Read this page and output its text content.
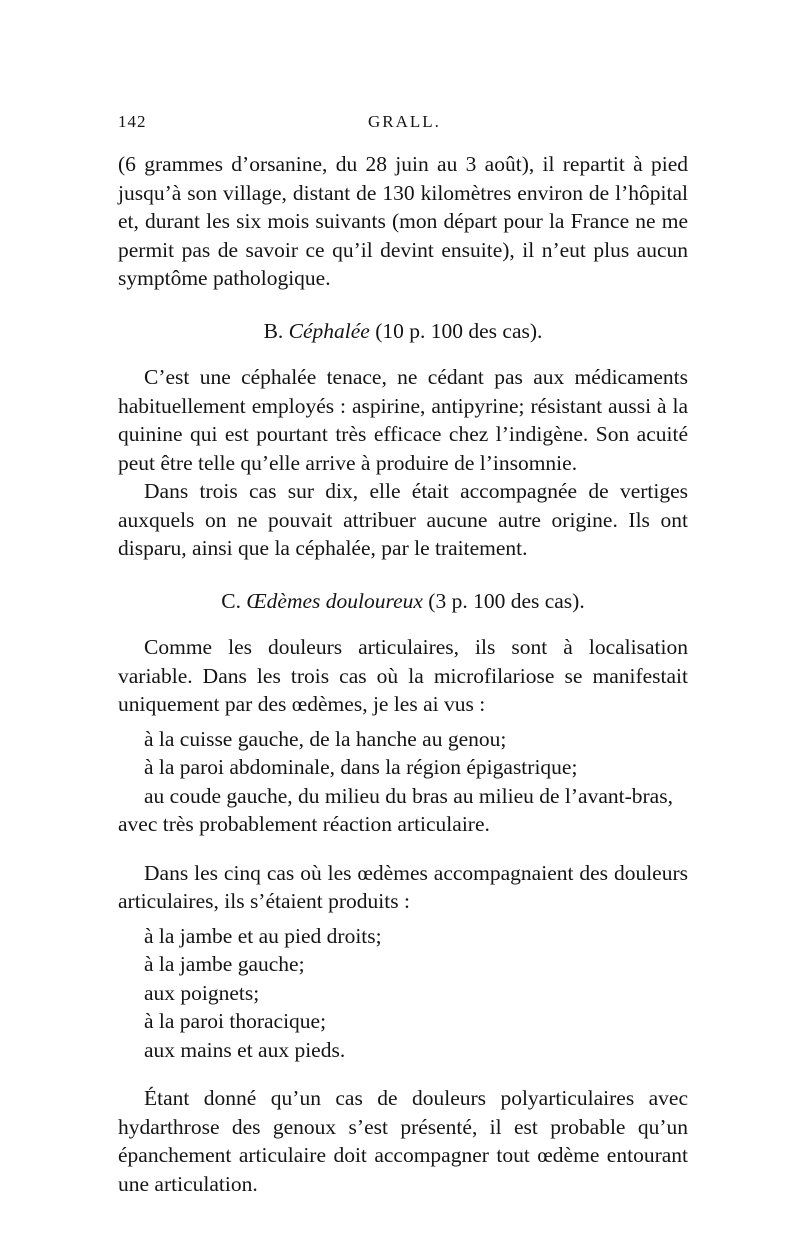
142	GRALL.

(6 grammes d’orsanine, du 28 juin au 3 août), il repartit à pied jusqu’à son village, distant de 130 kilomètres environ de l’hôpital et, durant les six mois suivants (mon départ pour la France ne me permit pas de savoir ce qu’il devint ensuite), il n’eut plus aucun symptôme pathologique.

B. Céphalée (10 p. 100 des cas).

C’est une céphalée tenace, ne cédant pas aux médicaments habituellement employés : aspirine, antipyrine; résistant aussi à la quinine qui est pourtant très efficace chez l’indigène. Son acuité peut être telle qu’elle arrive à produire de l’insomnie.

Dans trois cas sur dix, elle était accompagnée de vertiges auxquels on ne pouvait attribuer aucune autre origine. Ils ont disparu, ainsi que la céphalée, par le traitement.

C. Œdèmes douloureux (3 p. 100 des cas).

Comme les douleurs articulaires, ils sont à localisation variable. Dans les trois cas où la microfilariose se manifestait uniquement par des œdèmes, je les ai vus :

à la cuisse gauche, de la hanche au genou;
à la paroi abdominale, dans la région épigastrique;
au coude gauche, du milieu du bras au milieu de l’avant-bras,
avec très probablement réaction articulaire.

Dans les cinq cas où les œdèmes accompagnaient des douleurs articulaires, ils s’étaient produits :

à la jambe et au pied droits;
à la jambe gauche;
aux poignets;
à la paroi thoracique;
aux mains et aux pieds.

Étant donné qu’un cas de douleurs polyarticulaires avec hydarthrose des genoux s’est présenté, il est probable qu’un épanchement articulaire doit accompagner tout œdème entourant une articulation.
